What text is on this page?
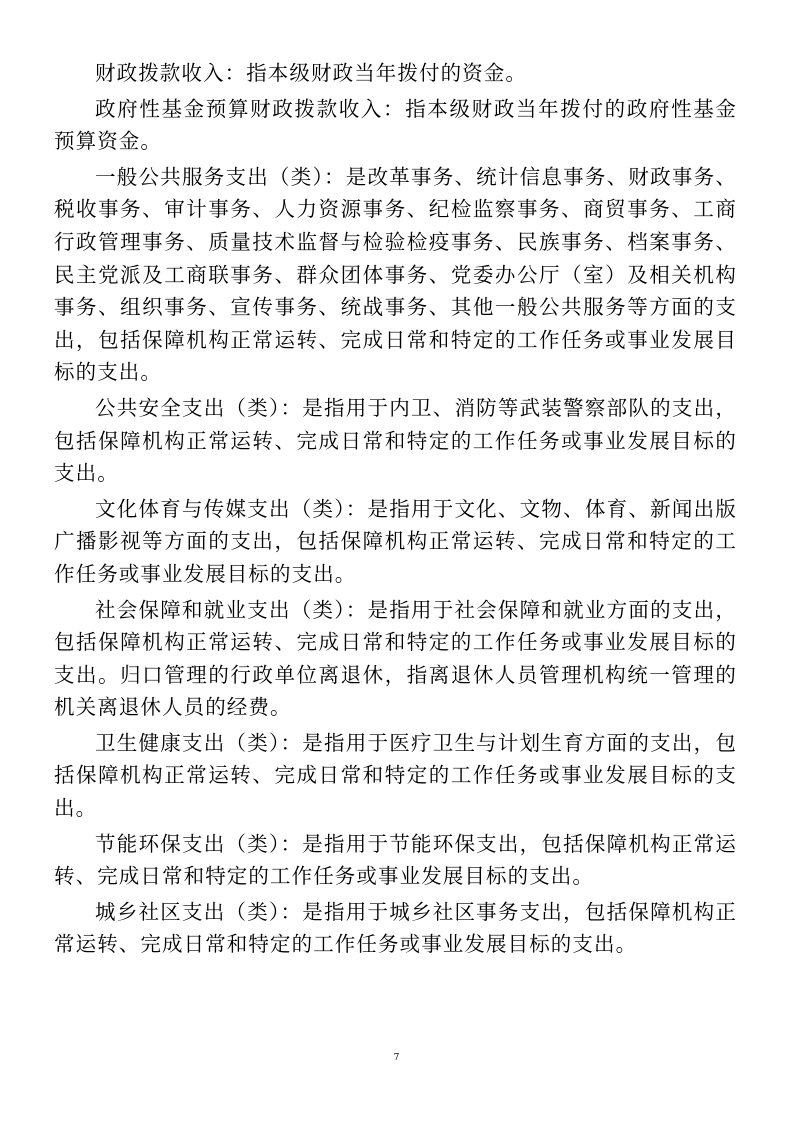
财政拨款收入：指本级财政当年拨付的资金。

政府性基金预算财政拨款收入：指本级财政当年拨付的政府性基金预算资金。

一般公共服务支出（类）：是改革事务、统计信息事务、财政事务、税收事务、审计事务、人力资源事务、纪检监察事务、商贸事务、工商行政管理事务、质量技术监督与检验检疫事务、民族事务、档案事务、民主党派及工商联事务、群众团体事务、党委办公厅（室）及相关机构事务、组织事务、宣传事务、统战事务、其他一般公共服务等方面的支出，包括保障机构正常运转、完成日常和特定的工作任务或事业发展目标的支出。

公共安全支出（类）：是指用于内卫、消防等武装警察部队的支出，包括保障机构正常运转、完成日常和特定的工作任务或事业发展目标的支出。

文化体育与传媒支出（类）：是指用于文化、文物、体育、新闻出版广播影视等方面的支出，包括保障机构正常运转、完成日常和特定的工作任务或事业发展目标的支出。

社会保障和就业支出（类）：是指用于社会保障和就业方面的支出，包括保障机构正常运转、完成日常和特定的工作任务或事业发展目标的支出。归口管理的行政单位离退休，指离退休人员管理机构统一管理的机关离退休人员的经费。

卫生健康支出（类）：是指用于医疗卫生与计划生育方面的支出，包括保障机构正常运转、完成日常和特定的工作任务或事业发展目标的支出。

节能环保支出（类）：是指用于节能环保支出，包括保障机构正常运转、完成日常和特定的工作任务或事业发展目标的支出。

城乡社区支出（类）：是指用于城乡社区事务支出，包括保障机构正常运转、完成日常和特定的工作任务或事业发展目标的支出。

7
